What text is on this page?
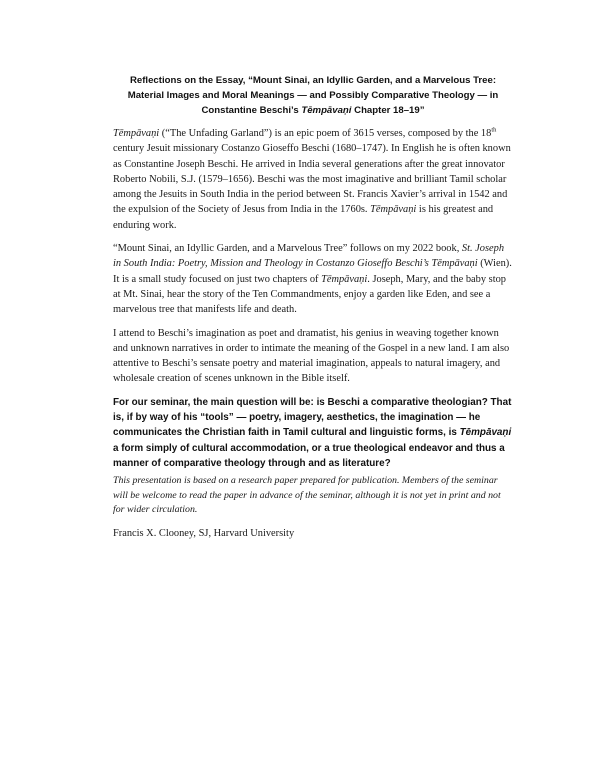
Reflections on the Essay, “Mount Sinai, an Idyllic Garden, and a Marvelous Tree:
Material Images and Moral Meanings — and Possibly Comparative Theology — in
Constantine Beschi’s Tēmpāvaṇi Chapter 18–19”

Tēmpāvaṇi (“The Unfading Garland”) is an epic poem of 3615 verses, composed by the 18th century Jesuit missionary Costanzo Gioseffo Beschi (1680–1747). In English he is often known as Constantine Joseph Beschi. He arrived in India several generations after the great innovator Roberto Nobili, S.J. (1579–1656). Beschi was the most imaginative and brilliant Tamil scholar among the Jesuits in South India in the period between St. Francis Xavier’s arrival in 1542 and the expulsion of the Society of Jesus from India in the 1760s. Tēmpāvaṇi is his greatest and enduring work.

“Mount Sinai, an Idyllic Garden, and a Marvelous Tree” follows on my 2022 book, St. Joseph in South India: Poetry, Mission and Theology in Costanzo Gioseffo Beschi’s Tēmpāvaṇi (Wien). It is a small study focused on just two chapters of Tēmpāvaṇi. Joseph, Mary, and the baby stop at Mt. Sinai, hear the story of the Ten Commandments, enjoy a garden like Eden, and see a marvelous tree that manifests life and death.

I attend to Beschi’s imagination as poet and dramatist, his genius in weaving together known and unknown narratives in order to intimate the meaning of the Gospel in a new land. I am also attentive to Beschi’s sensate poetry and material imagination, appeals to natural imagery, and wholesale creation of scenes unknown in the Bible itself.

For our seminar, the main question will be: is Beschi a comparative theologian? That is, if by way of his “tools” — poetry, imagery, aesthetics, the imagination — he communicates the Christian faith in Tamil cultural and linguistic forms, is Tēmpāvaṇi a form simply of cultural accommodation, or a true theological endeavor and thus a manner of comparative theology through and as literature?

This presentation is based on a research paper prepared for publication. Members of the seminar will be welcome to read the paper in advance of the seminar, although it is not yet in print and not for wider circulation.

Francis X. Clooney, SJ, Harvard University
